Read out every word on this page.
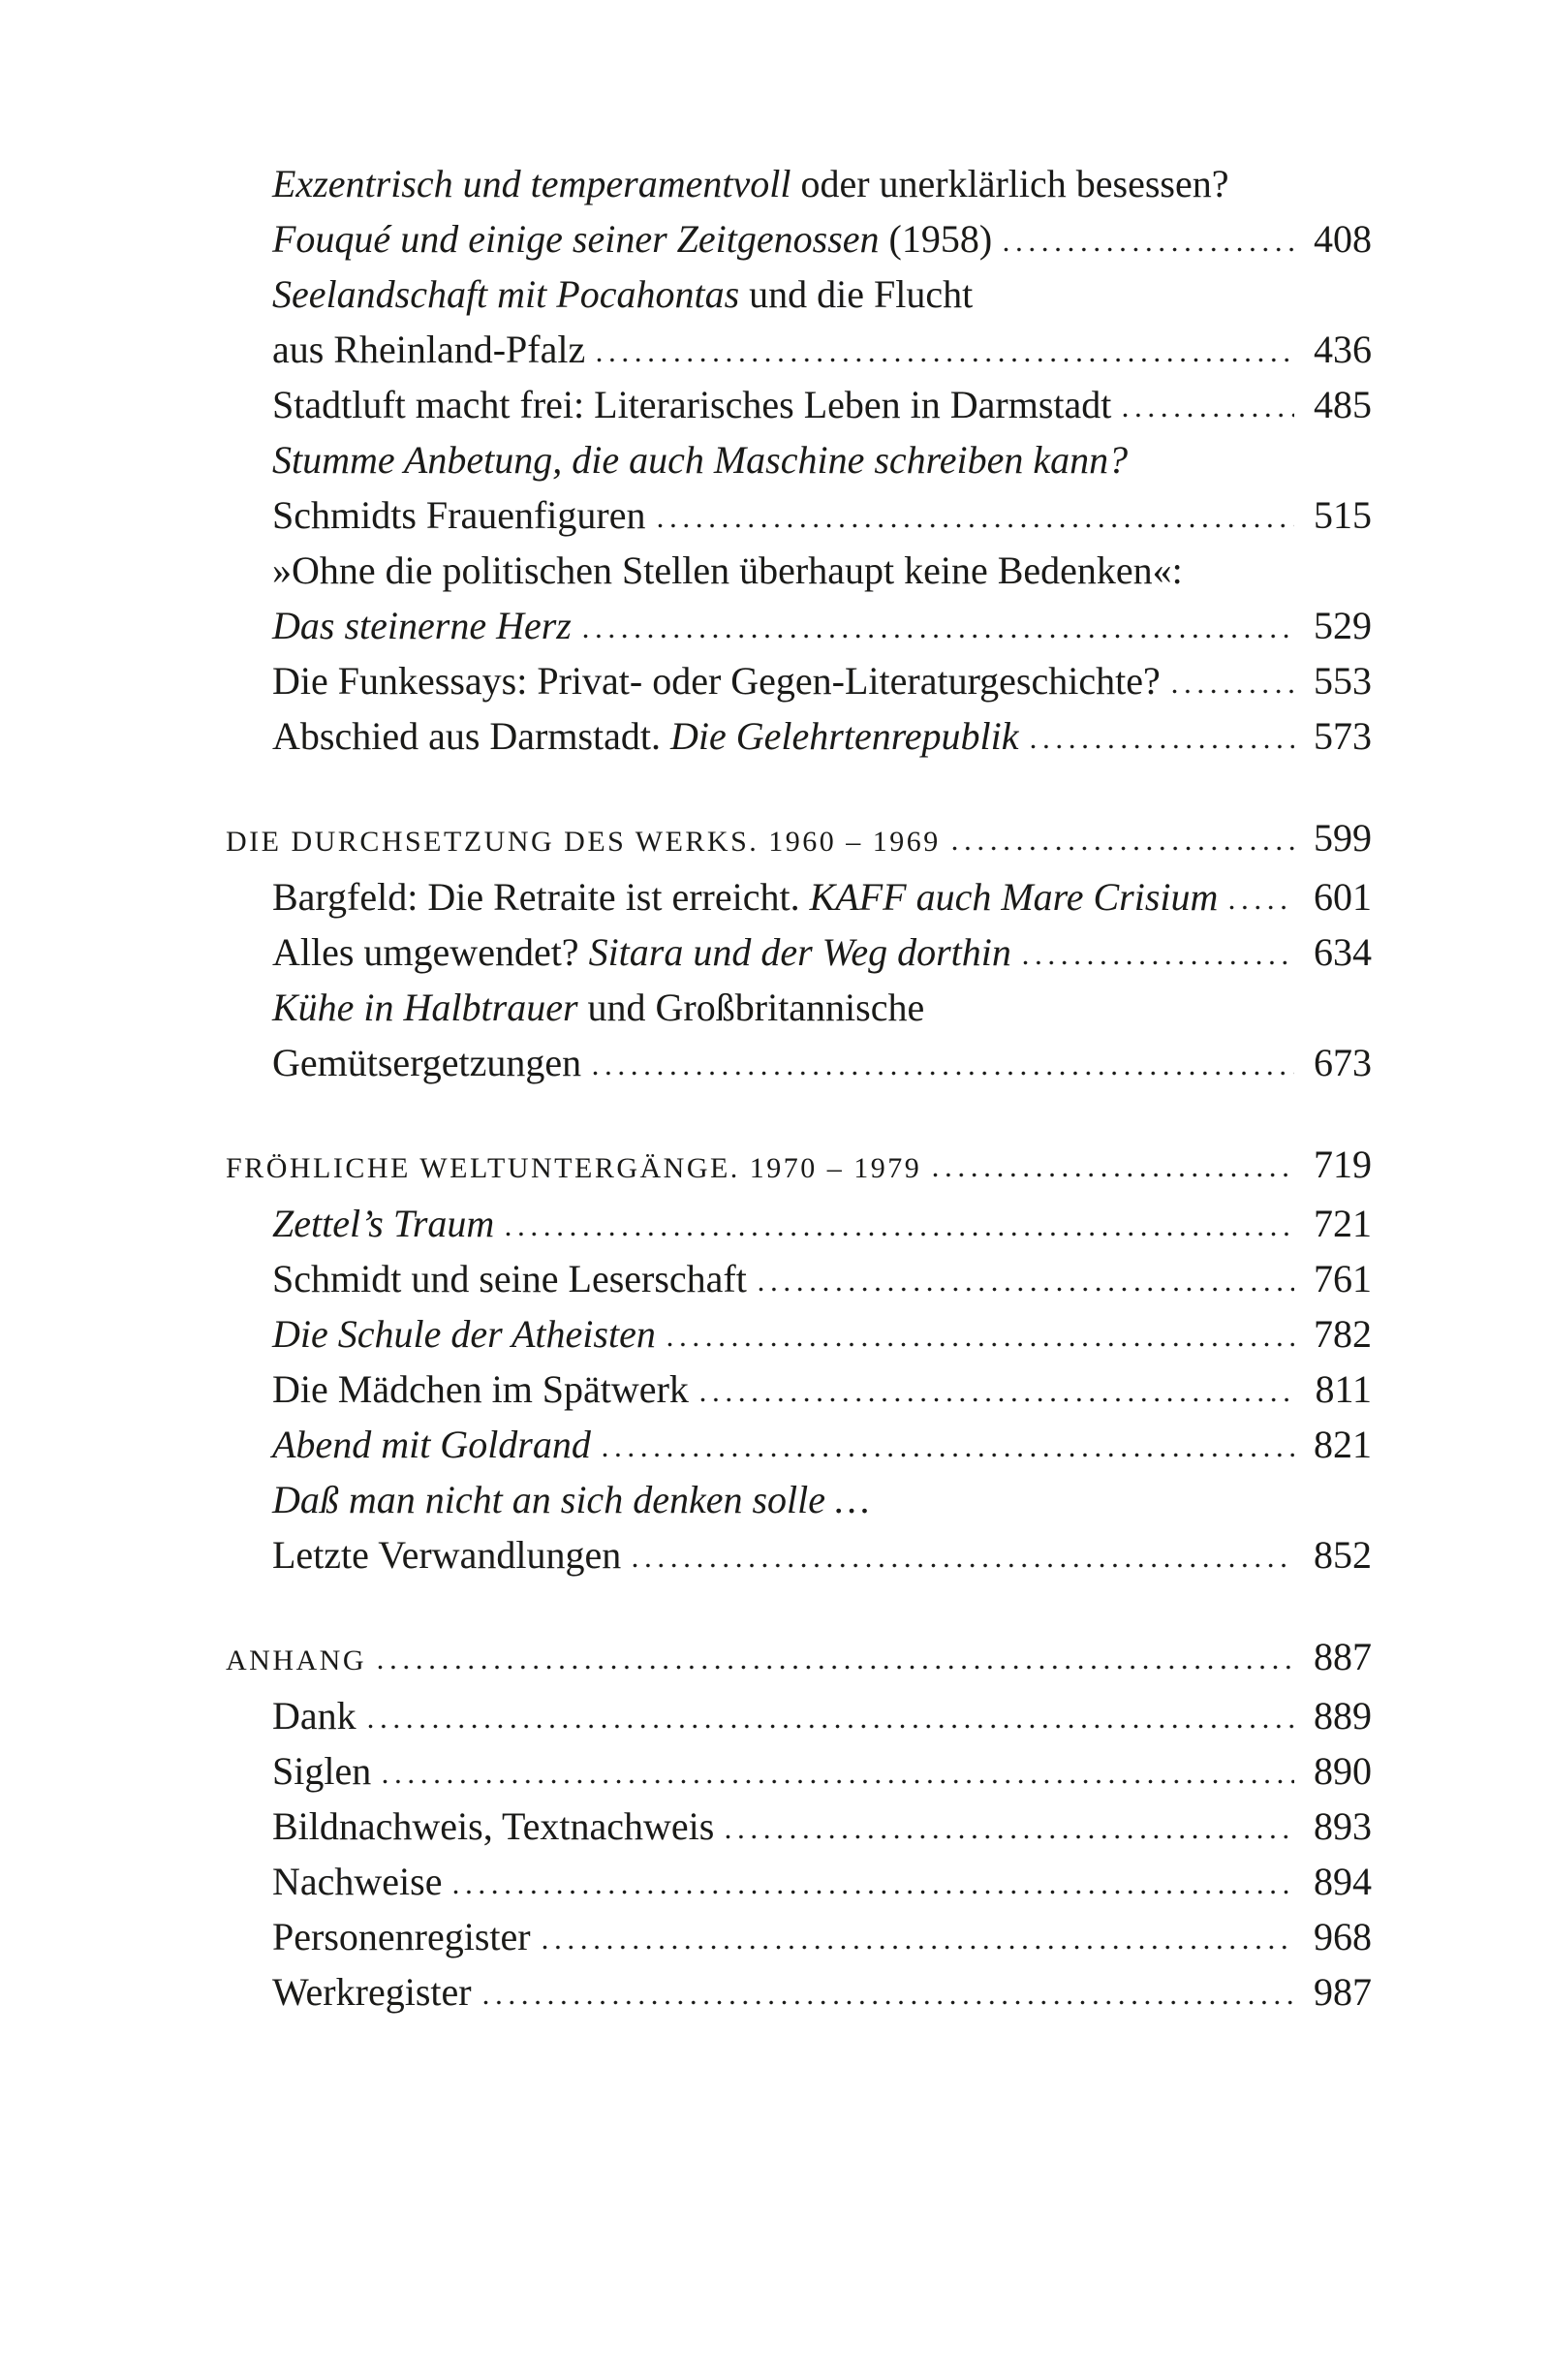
Exzentrisch und temperamentvoll oder unerklärlich besessen?
Fouqué und einige seiner Zeitgenossen (1958)	408
Seelandschaft mit Pocahontas und die Flucht
aus Rheinland-Pfalz	436
Stadtluft macht frei: Literarisches Leben in Darmstadt	485
Stumme Anbetung, die auch Maschine schreiben kann?
Schmidts Frauenfiguren	515
»Ohne die politischen Stellen überhaupt keine Bedenken«:
Das steinerne Herz	529
Die Funkessays: Privat- oder Gegen-Literaturgeschichte?	553
Abschied aus Darmstadt. Die Gelehrtenrepublik	573
DIE DURCHSETZUNG DES WERKS. 1960 – 1969	599
Bargfeld: Die Retraite ist erreicht. KAFF auch Mare Crisium 601
Alles umgewendet? Sitara und der Weg dorthin	634
Kühe in Halbtrauer und Großbritannische
Gemütsergetzungen	673
FRÖHLICHE WELTUNTERGÄNGE. 1970 – 1979	719
Zettel’s Traum	721
Schmidt und seine Leserschaft	761
Die Schule der Atheisten	782
Die Mädchen im Spätwerk	811
Abend mit Goldrand	821
Daß man nicht an sich denken solle …
Letzte Verwandlungen	852
ANHANG	887
Dank	889
Siglen	890
Bildnachweis, Textnachweis	893
Nachweise	894
Personenregister	968
Werkregister	987
